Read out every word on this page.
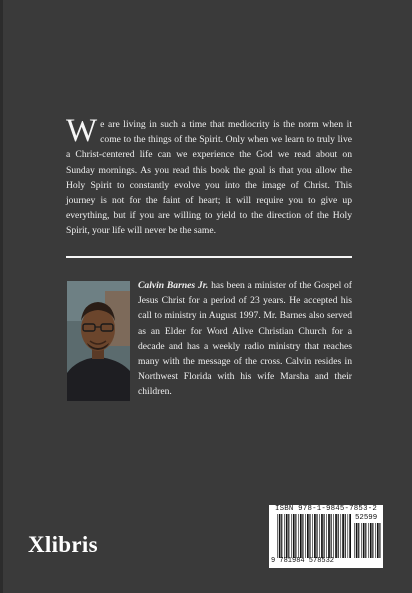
We are living in such a time that mediocrity is the norm when it come to the things of the Spirit. Only when we learn to truly live a Christ-centered life can we experience the God we read about on Sunday mornings. As you read this book the goal is that you allow the Holy Spirit to constantly evolve you into the image of Christ. This journey is not for the faint of heart; it will require you to give up everything, but if you are willing to yield to the direction of the Holy Spirit, your life will never be the same.
Calvin Barnes Jr. has been a minister of the Gospel of Jesus Christ for a period of 23 years. He accepted his call to ministry in August 1997. Mr. Barnes also served as an Elder for Word Alive Christian Church for a decade and has a weekly radio ministry that reaches many with the message of the cross. Calvin resides in Northwest Florida with his wife Marsha and their children.
Xlibris
ISBN 978-1-9845-7853-2
52599
9 781984 578532
